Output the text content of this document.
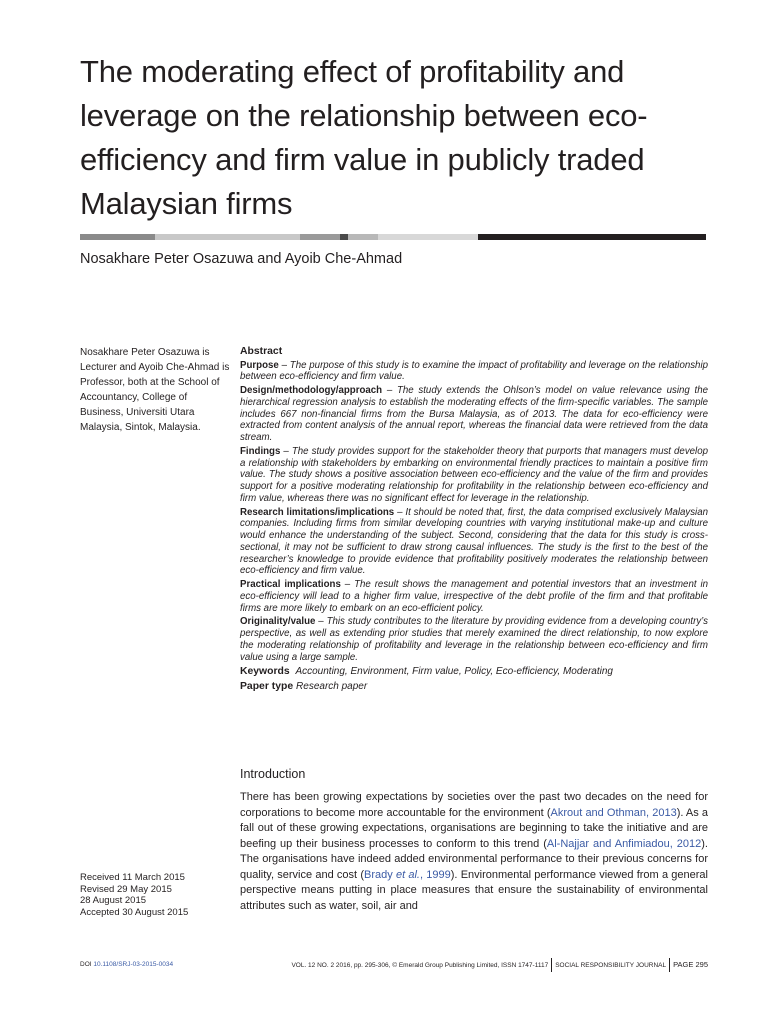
The moderating effect of profitability and leverage on the relationship between eco-efficiency and firm value in publicly traded Malaysian firms
Nosakhare Peter Osazuwa and Ayoib Che-Ahmad
Nosakhare Peter Osazuwa is Lecturer and Ayoib Che-Ahmad is Professor, both at the School of Accountancy, College of Business, Universiti Utara Malaysia, Sintok, Malaysia.
Received 11 March 2015
Revised 29 May 2015
28 August 2015
Accepted 30 August 2015
Abstract

Purpose – The purpose of this study is to examine the impact of profitability and leverage on the relationship between eco-efficiency and firm value.

Design/methodology/approach – The study extends the Ohlson’s model on value relevance using the hierarchical regression analysis to establish the moderating effects of the firm-specific variables. The sample includes 667 non-financial firms from the Bursa Malaysia, as of 2013. The data for eco-efficiency were extracted from content analysis of the annual report, whereas the financial data were retrieved from the data stream.

Findings – The study provides support for the stakeholder theory that purports that managers must develop a relationship with stakeholders by embarking on environmental friendly practices to maintain a positive firm value. The study shows a positive association between eco-efficiency and the value of the firm and provides support for a positive moderating relationship for profitability in the relationship between eco-efficiency and firm value, whereas there was no significant effect for leverage in the relationship.

Research limitations/implications – It should be noted that, first, the data comprised exclusively Malaysian companies. Including firms from similar developing countries with varying institutional make-up and culture would enhance the understanding of the subject. Second, considering that the data for this study is cross-sectional, it may not be sufficient to draw strong causal influences. The study is the first to the best of the researcher’s knowledge to provide evidence that profitability positively moderates the relationship between eco-efficiency and firm value.

Practical implications – The result shows the management and potential investors that an investment in eco-efficiency will lead to a higher firm value, irrespective of the debt profile of the firm and that profitable firms are more likely to embark on an eco-efficient policy.

Originality/value – This study contributes to the literature by providing evidence from a developing country’s perspective, as well as extending prior studies that merely examined the direct relationship, to now explore the moderating relationship of profitability and leverage in the relationship between eco-efficiency and firm value using a large sample.

Keywords Accounting, Environment, Firm value, Policy, Eco-efficiency, Moderating

Paper type Research paper

Introduction

There has been growing expectations by societies over the past two decades on the need for corporations to become more accountable for the environment (Akrout and Othman, 2013). As a fall out of these growing expectations, organisations are beginning to take the initiative and are beefing up their business processes to conform to this trend (Al-Najjar and Anfimiadou, 2012). The organisations have indeed added environmental performance to their previous concerns for quality, service and cost (Brady et al., 1999). Environmental performance viewed from a general perspective means putting in place measures that ensure the sustainability of environmental attributes such as water, soil, air and

DOI 10.1108/SRJ-03-2015-0034	VOL. 12 NO. 2 2016, pp. 295-306, © Emerald Group Publishing Limited, ISSN 1747-1117 SOCIAL RESPONSIBILITY JOURNAL PAGE 295
